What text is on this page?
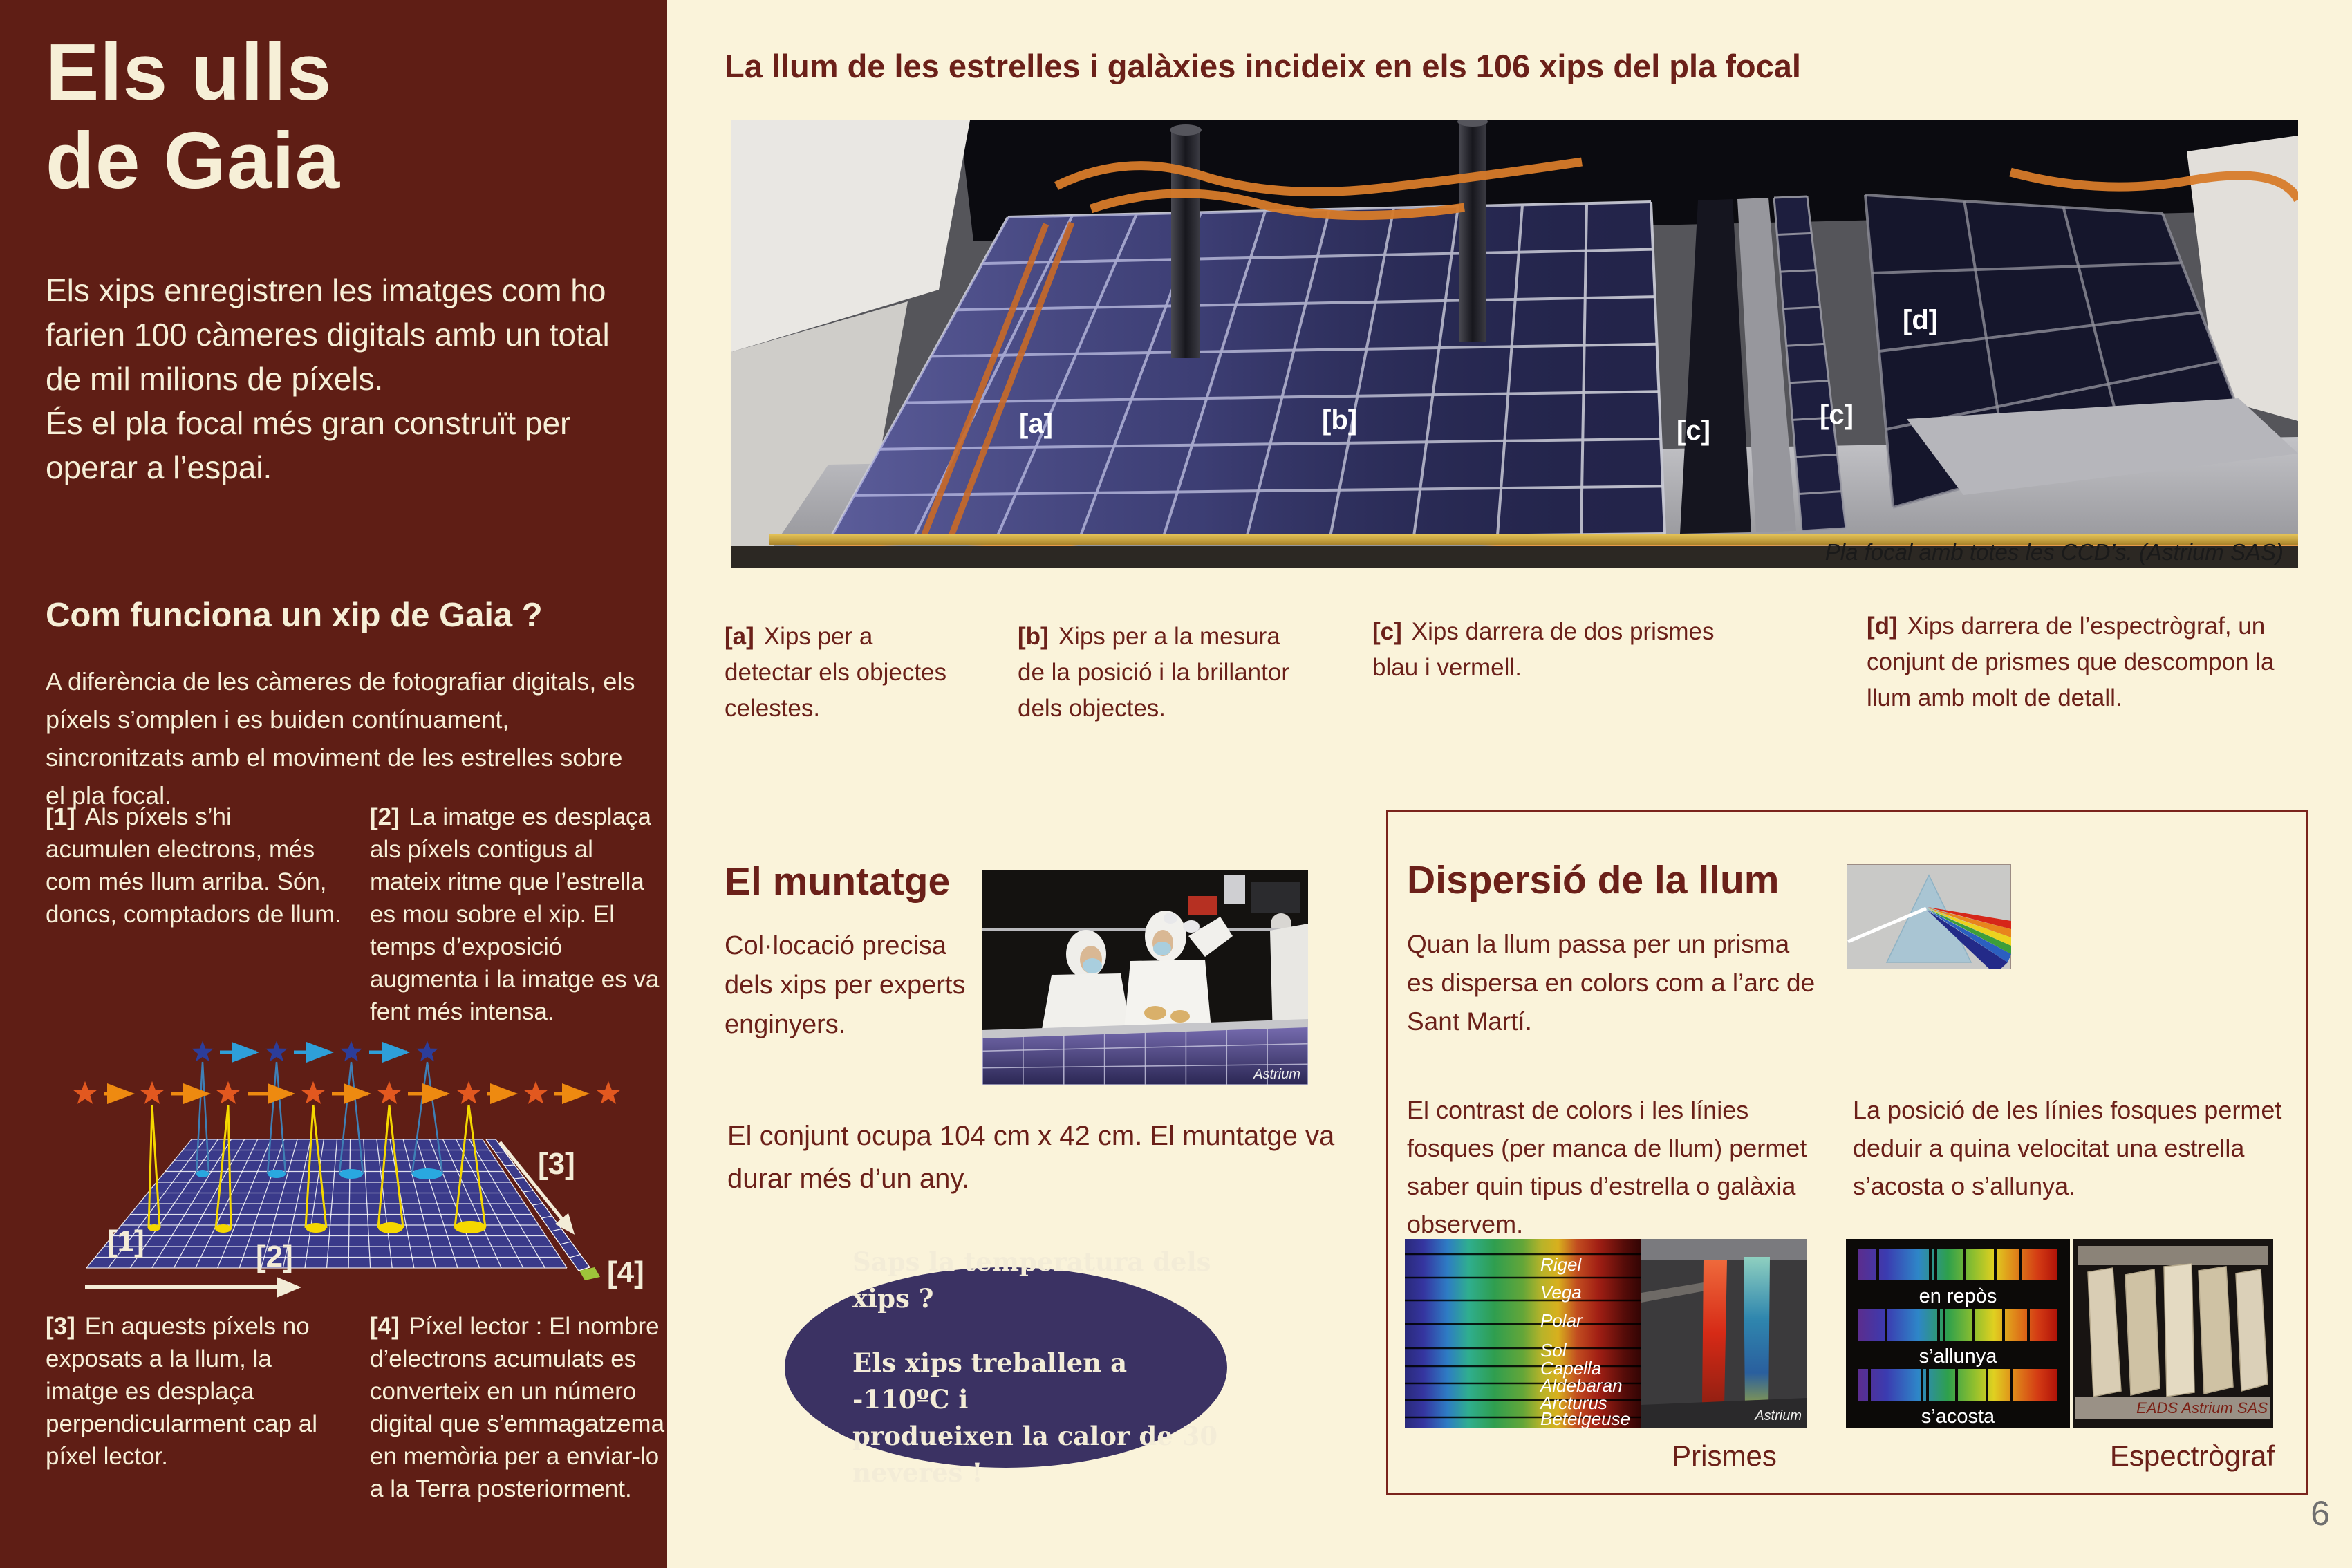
Els ulls
de Gaia
Els xips enregistren les imatges com ho farien 100 càmeres digitals amb un total de mil milions de píxels.
És el pla focal més gran construït per operar a l’espai.
Com funciona un xip de Gaia ?
A diferència de les càmeres de fotografiar digitals, els píxels s’omplen i es buiden contínuament, sincronitzats amb el moviment de les estrelles sobre el pla focal.
[1] Als píxels s’hi acumulen electrons, més com més llum arriba. Són, doncs, comptadors de llum.
[2] La imatge es desplaça als píxels contigus al mateix ritme que l’estrella es mou sobre el xip. El temps d’exposició augmenta i la imatge es va fent més intensa.
[1]	[2]
[3]
[4]
[3] En aquests píxels no exposats a la llum, la imatge es desplaça perpendicularment cap al píxel lector.
[4] Píxel lector : El nombre d’electrons acumulats es converteix en un número digital que s’emmagatzema en memòria per a enviar-lo a la Terra posteriorment.
La llum de les estrelles i galàxies incideix en els 106 xips del pla focal
[a]	[b]	[c]
[c]
[d]
Pla focal amb totes les CCD’s. (Astrium SAS)
[a] Xips per a detectar els objectes celestes.
[b] Xips per a la mesura de la posició i la brillantor dels objectes.
[c] Xips darrera de dos prismes blau i vermell.
[d] Xips darrera de l’espectrògraf, un conjunt de prismes que descompon la llum amb molt de detall.
El muntatge
Col·locació precisa dels xips per experts enginyers.
Astrium
El conjunt ocupa 104 cm x 42 cm. El muntatge va durar més d’un any.
Saps la temperatura dels xips ?
Els xips treballen a -110ºC i
produeixen la calor de 30 neveres !
Dispersió de la llum
Quan la llum passa per un prisma es dispersa en colors com a l’arc de Sant Martí.
El contrast de colors i les línies fosques (per manca de llum) permet saber quin tipus d’estrella o galàxia observem.
La posició de les línies fosques permet deduir a quina velocitat una estrella s’acosta o s’allunya.
Rigel
Vega
Polar
Sol
Capella
Aldebaran
Arcturus
Betelgeuse	Astrium
en repòs
s’allunya
s’acosta	EADS Astrium SAS
Prismes	Espectrògraf
6
